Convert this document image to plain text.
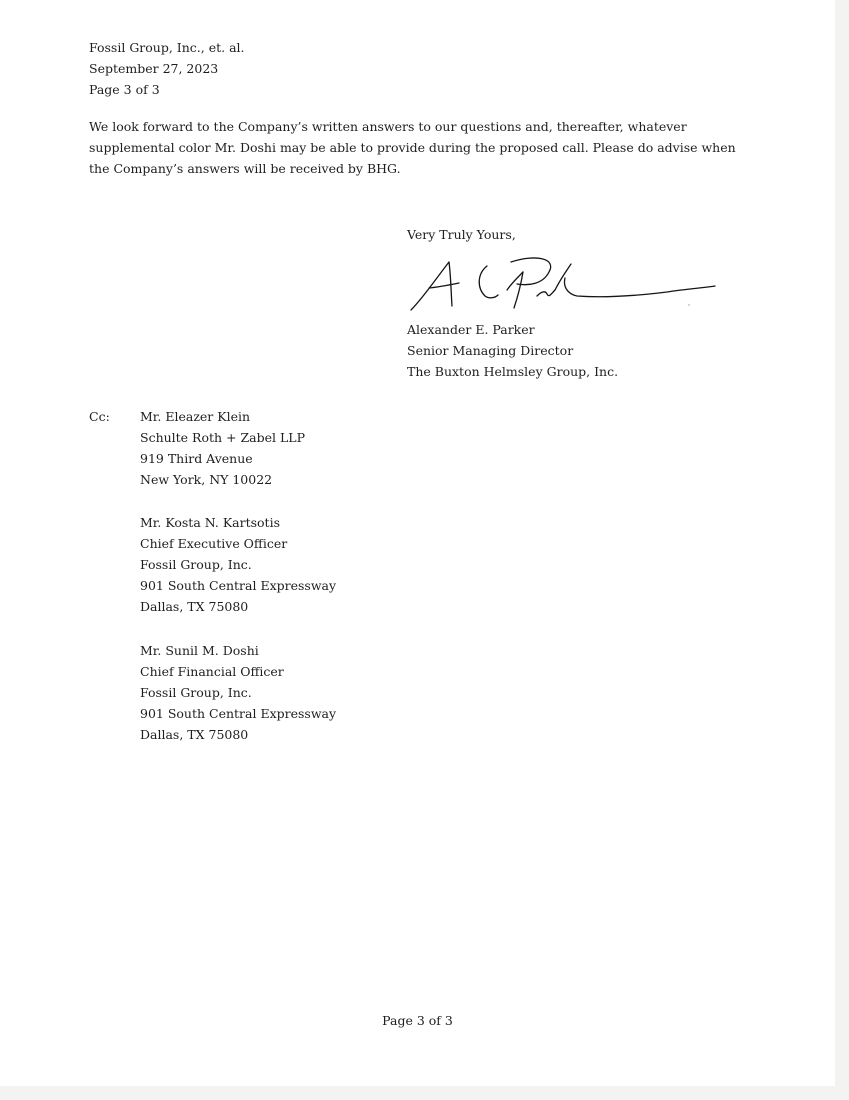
Fossil Group, Inc., et. al.
September 27, 2023
Page 3 of 3
We look forward to the Company’s written answers to our questions and, thereafter, whatever supplemental color Mr. Doshi may be able to provide during the proposed call. Please do advise when the Company’s answers will be received by BHG.
Very Truly Yours,
Alexander E. Parker
Senior Managing Director
The Buxton Helmsley Group, Inc.
Cc: Mr. Eleazer Klein
Schulte Roth + Zabel LLP
919 Third Avenue
New York, NY 10022
Mr. Kosta N. Kartsotis
Chief Executive Officer
Fossil Group, Inc.
901 South Central Expressway
Dallas, TX 75080
Mr. Sunil M. Doshi
Chief Financial Officer
Fossil Group, Inc.
901 South Central Expressway
Dallas, TX 75080
Page 3 of 3
